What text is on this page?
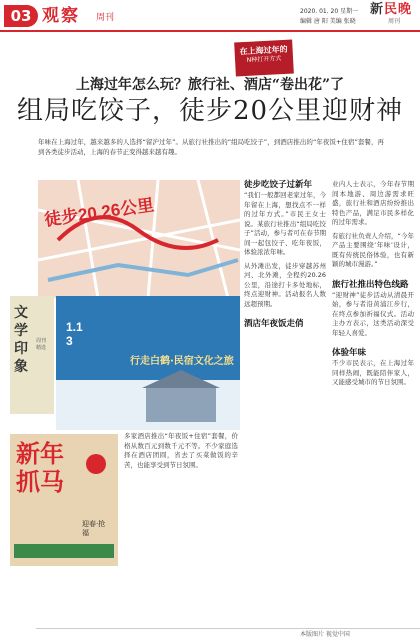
03 观察 周刊
2020. 01. 20 星期一
编辑 唐 阳 美编 张晓
新民晚
周刊
在上海过年的
N种打开方式
上海过年怎么玩？旅行社、酒店“卷出花”了
组局吃饺子，徒步20公里迎财神
年味在上海过年，越来越多的人选择“留沪过年”。从旅行社推出的“组局吃饺子”，到酒店推出的“年夜饭+住宿”套餐，再到各类徒步活动，上海的春节正变得越来越有趣。
徒步20.26公里
文学印象
周刊精选
1.1
3
行走白鹤·民宿文化之旅
新年抓马
迎春·抢福
多家酒店推出“年夜饭+住宿”套餐，价格从数百元到数千元不等。不少家庭选择在酒店团圆，省去了买菜做饭的辛苦，也能享受到节日氛围。
徒步吃饺子过新年
“我们一般都回老家过年，今年留在上海，想找点不一样的过年方式。”市民王女士说。某旅行社推出“组局吃饺子”活动，参与者可在春节期间一起包饺子、吃年夜饭，体验浓浓年味。
从外滩出发，徒步穿越苏州河、北外滩，全程约20.26公里，沿途打卡多处地标，终点迎财神。活动报名人数远超预期。
酒店年夜饭走俏
业内人士表示，今年春节期间本地游、周边游需求旺盛，旅行社和酒店纷纷推出特色产品，满足市民多样化的过年需求。
有旅行社负责人介绍，“今年产品主要围绕‘年味’设计，既有传统民俗体验，也有新颖的城市漫游。”
旅行社推出特色线路
“迎财神”徒步活动从清晨开始，参与者沿黄浦江步行，在终点参加祈福仪式。活动主办方表示，这类活动深受年轻人喜爱。
体验年味
不少市民表示，在上海过年同样热闹，既能陪伴家人，又能感受城市的节日氛围。
本版图片 视觉中国
